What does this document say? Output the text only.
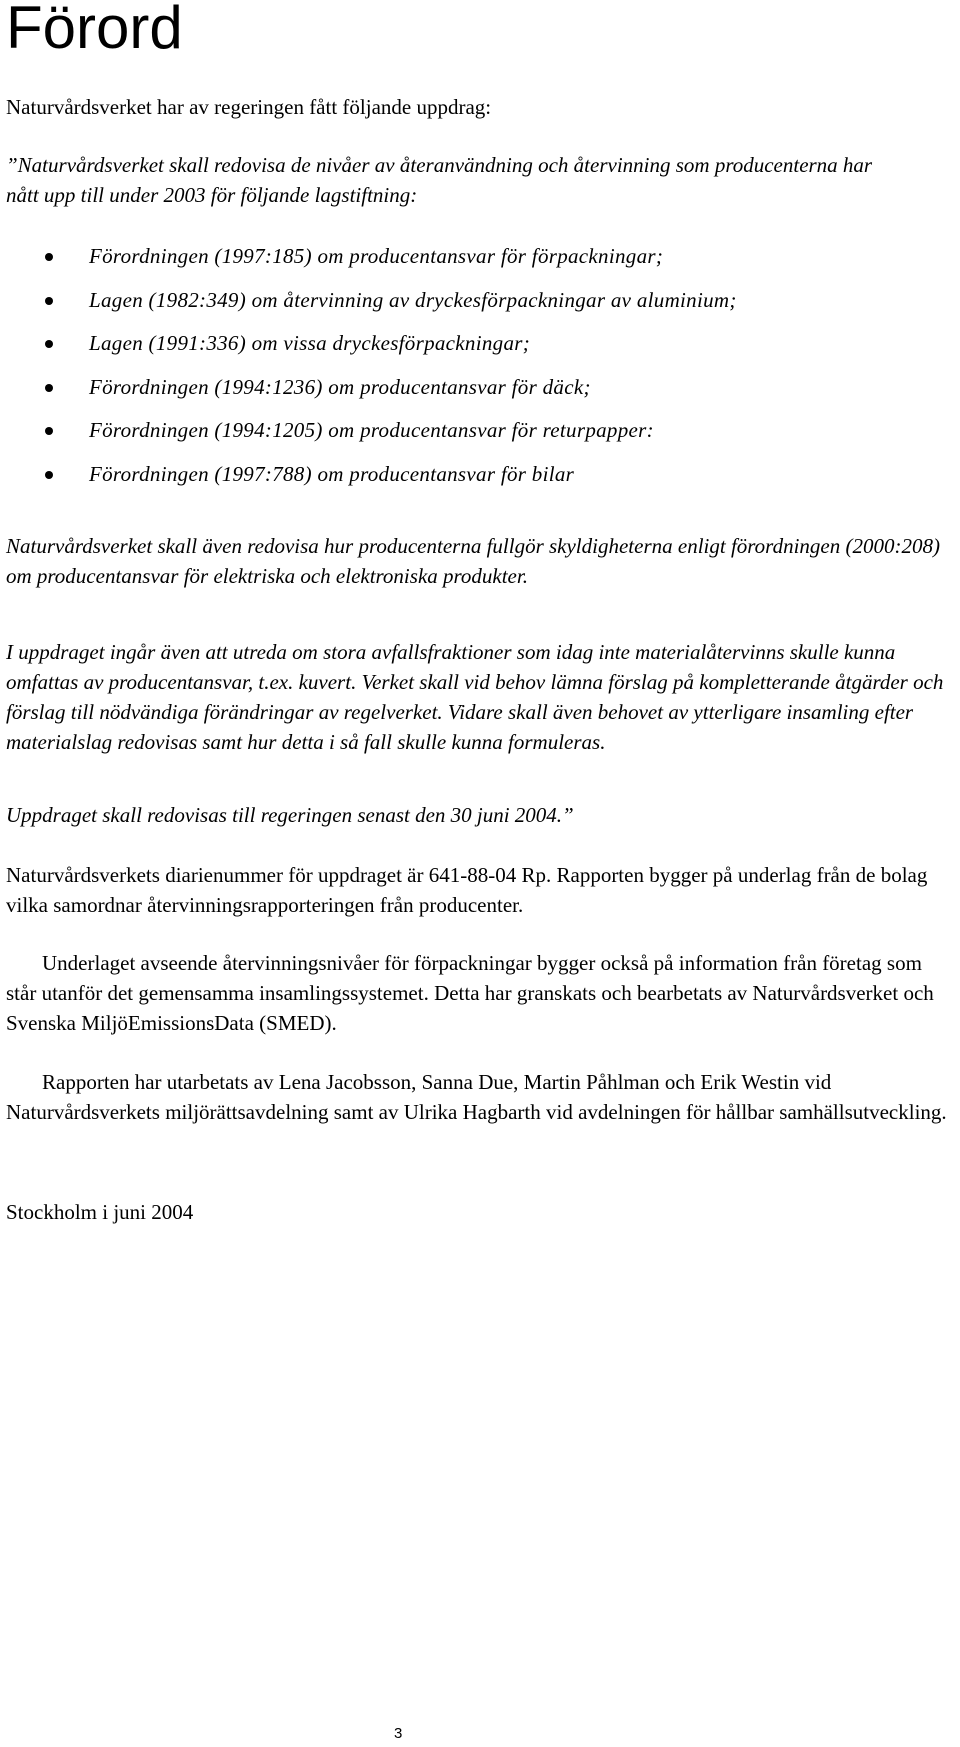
Förord

Naturvårdsverket har av regeringen fått följande uppdrag:

”Naturvårdsverket skall redovisa de nivåer av återanvändning och återvinning som producenterna har nått upp till under 2003 för följande lagstiftning:

Förordningen (1997:185) om producentansvar för förpackningar;
Lagen (1982:349) om återvinning av dryckesförpackningar av aluminium;
Lagen (1991:336) om vissa dryckesförpackningar;
Förordningen (1994:1236) om producentansvar för däck;
Förordningen (1994:1205) om producentansvar för returpapper:
Förordningen (1997:788) om producentansvar för bilar

Naturvårdsverket skall även redovisa hur producenterna fullgör skyldigheterna enligt förordningen (2000:208) om producentansvar för elektriska och elektroniska produkter.

I uppdraget ingår även att utreda om stora avfallsfraktioner som idag inte materialåtervinns skulle kunna omfattas av producentansvar, t.ex. kuvert. Verket skall vid behov lämna förslag på kompletterande åtgärder och förslag till nödvändiga förändringar av regelverket. Vidare skall även behovet av ytterligare insamling efter materialslag redovisas samt hur detta i så fall skulle kunna formuleras.

Uppdraget skall redovisas till regeringen senast den 30 juni 2004.”

Naturvårdsverkets diarienummer för uppdraget är 641-88-04 Rp. Rapporten bygger på underlag från de bolag vilka samordnar återvinningsrapporteringen från producenter.

Underlaget avseende återvinningsnivåer för förpackningar bygger också på information från företag som står utanför det gemensamma insamlingssystemet. Detta har granskats och bearbetats av Naturvårdsverket och Svenska MiljöEmissionsData (SMED).

Rapporten har utarbetats av Lena Jacobsson, Sanna Due, Martin Påhlman och Erik Westin vid Naturvårdsverkets miljörättsavdelning samt av Ulrika Hagbarth vid avdelningen för hållbar samhällsutveckling.

Stockholm i juni 2004

3
